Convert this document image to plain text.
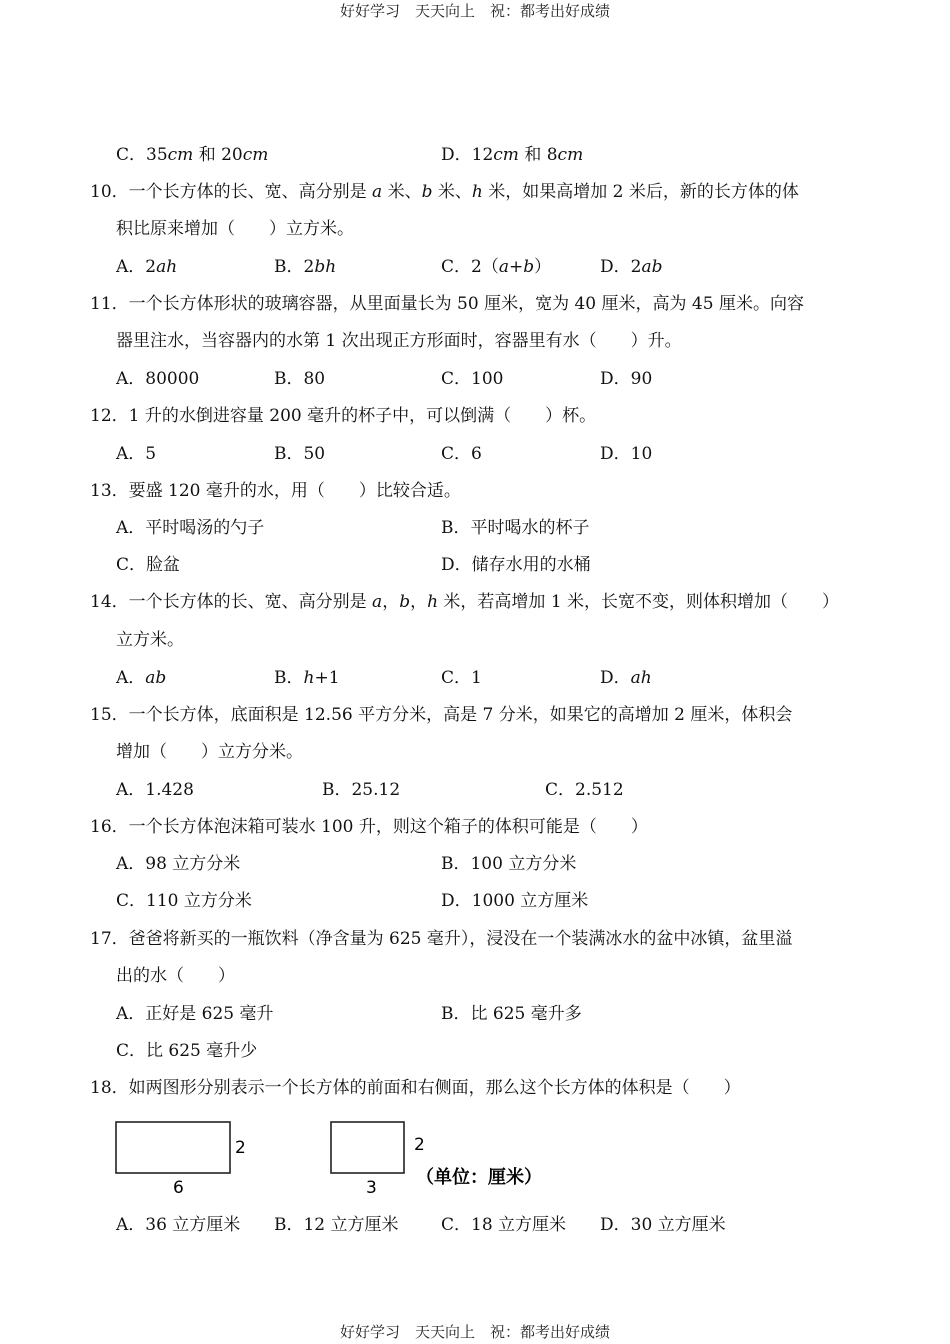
好好学习　天天向上　祝：都考出好成绩
C．35cm 和 20cm	D．12cm 和 8cm
10．一个长方体的长、宽、高分别是 a 米、b 米、h 米，如果高增加 2 米后，新的长方体的体
积比原来增加（　　）立方米。
A．2ah	B．2bh	C．2（a+b）	D．2ab
11．一个长方体形状的玻璃容器，从里面量长为 50 厘米，宽为 40 厘米，高为 45 厘米。向容
器里注水，当容器内的水第 1 次出现正方形面时，容器里有水（　　）升。
A．80000	B．80	C．100	D．90
12．1 升的水倒进容量 200 毫升的杯子中，可以倒满（　　）杯。
A．5	B．50	C．6	D．10
13．要盛 120 毫升的水，用（　　）比较合适。
A．平时喝汤的勺子	B．平时喝水的杯子
C．脸盆	D．储存水用的水桶
14．一个长方体的长、宽、高分别是 a，b，h 米，若高增加 1 米，长宽不变，则体积增加（　　）
立方米。
A．ab	B．h+1	C．1	D．ah
15．一个长方体，底面积是 12.56 平方分米，高是 7 分米，如果它的高增加 2 厘米，体积会
增加（　　）立方分米。
A．1.428	B．25.12	C．2.512
16．一个长方体泡沫箱可装水 100 升，则这个箱子的体积可能是（　　）
A．98 立方分米	B．100 立方分米
C．110 立方分米	D．1000 立方厘米
17．爸爸将新买的一瓶饮料（净含量为 625 毫升），浸没在一个装满冰水的盆中冰镇，盆里溢
出的水（　　）
A．正好是 625 毫升	B．比 625 毫升多
C．比 625 毫升少
18．如两图形分别表示一个长方体的前面和右侧面，那么这个长方体的体积是（　　）
2
6
2
3 （单位：厘米）
A．36 立方厘米 B．12 立方厘米 C．18 立方厘米 D．30 立方厘米
好好学习　天天向上　祝：都考出好成绩
